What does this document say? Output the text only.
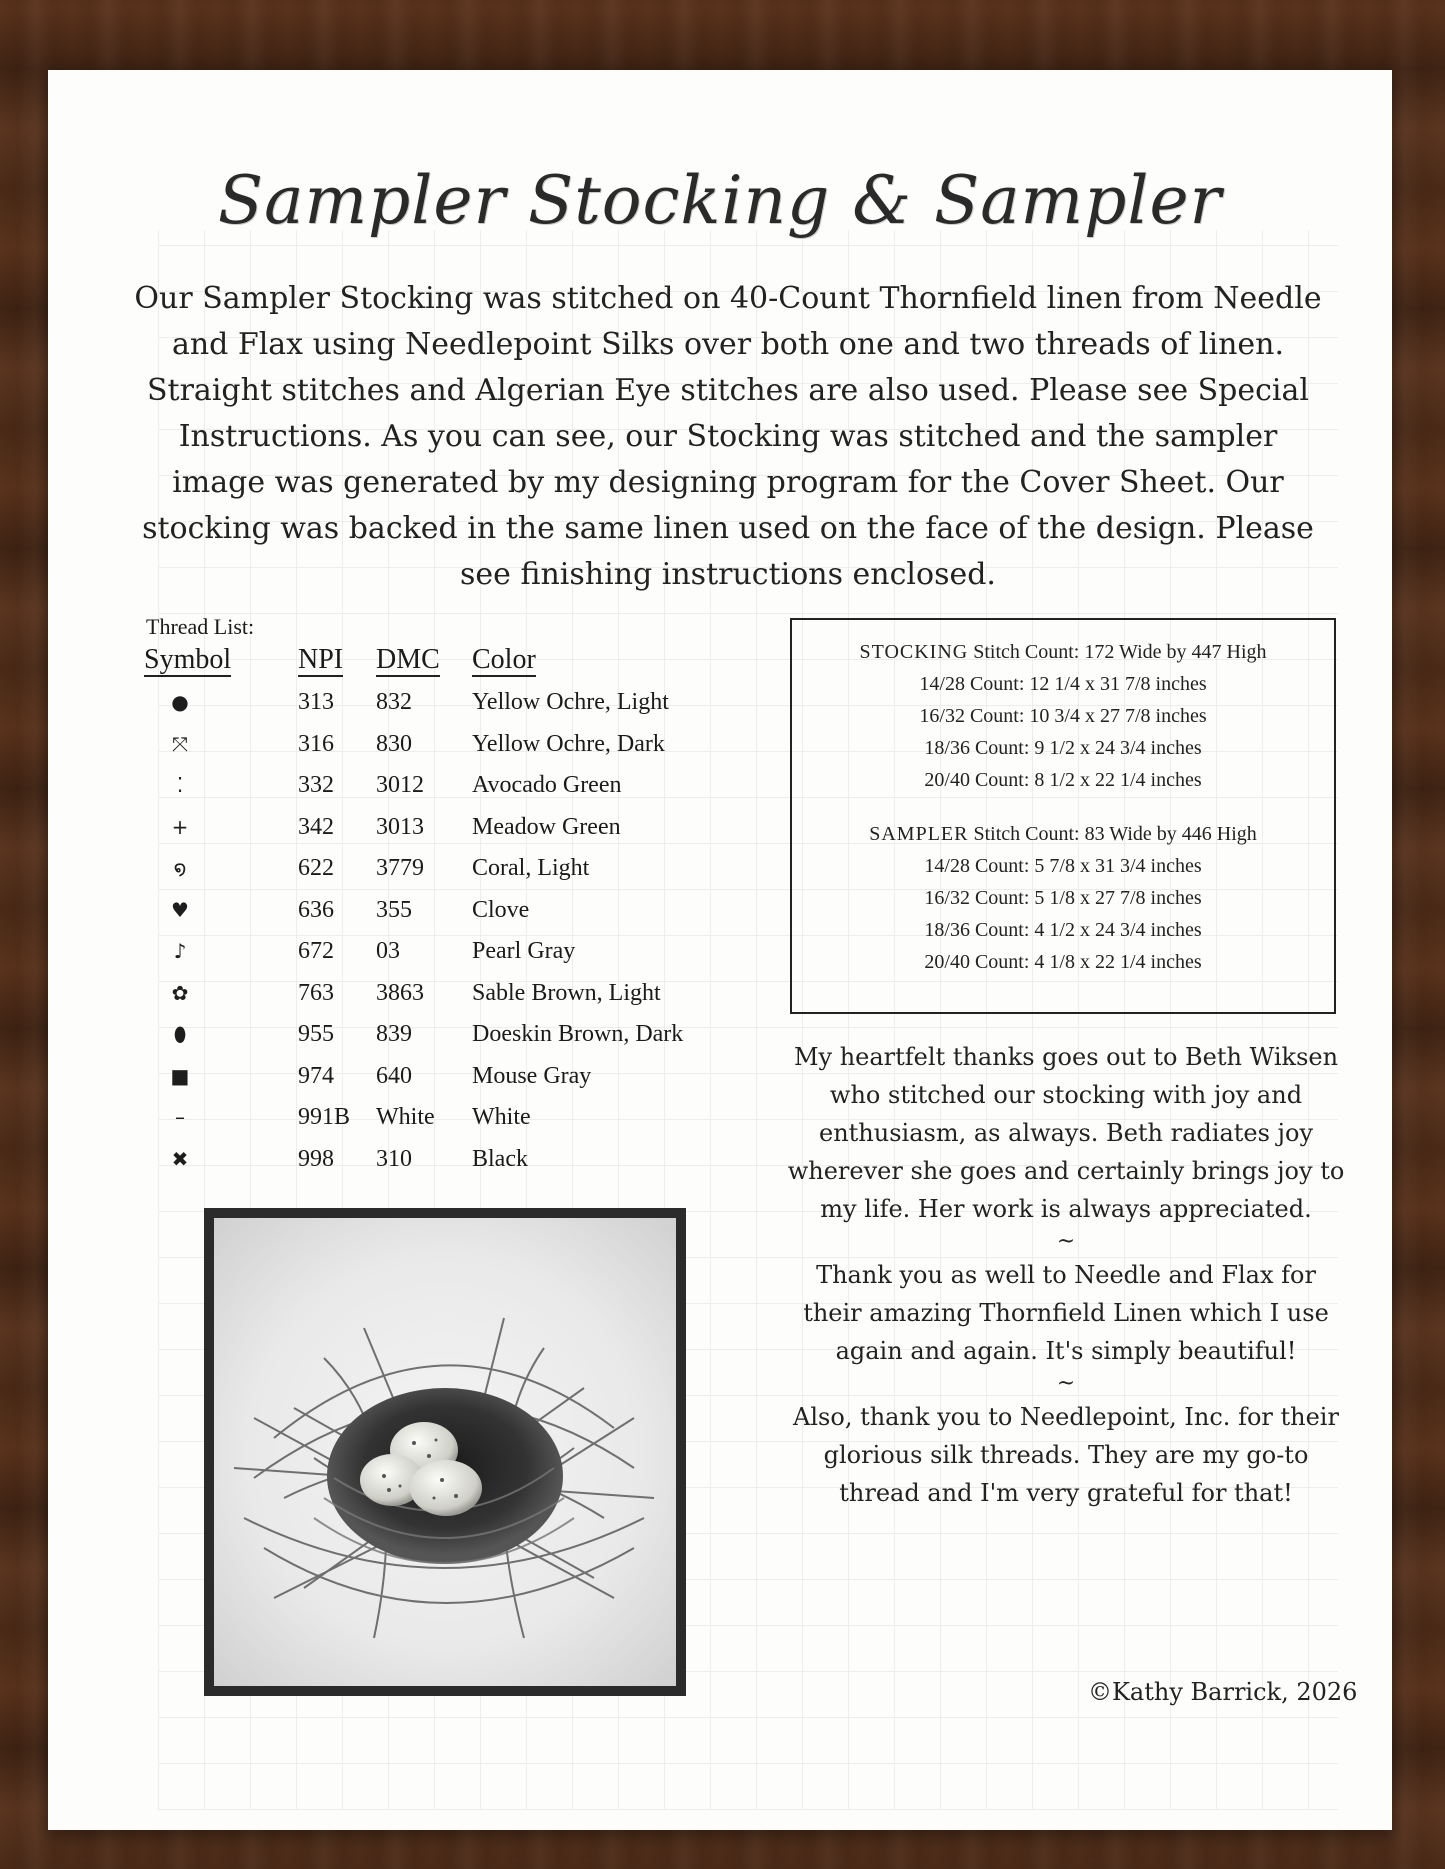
Sampler Stocking & Sampler
Our Sampler Stocking was stitched on 40-Count Thornfield linen from Needle and Flax using Needlepoint Silks over both one and two threads of linen. Straight stitches and Algerian Eye stitches are also used. Please see Special Instructions. As you can see, our Stocking was stitched and the sampler image was generated by my designing program for the Cover Sheet. Our stocking was backed in the same linen used on the face of the design. Please see finishing instructions enclosed.
Thread List:
Symbol	NPI	DMC	Color
●	313	832	Yellow Ochre, Light
⤧	316	830	Yellow Ochre, Dark
⁚	332	3012	Avocado Green
+	342	3013	Meadow Green
໑	622	3779	Coral, Light
♥	636	355	Clove
♪	672	03	Pearl Gray
✿	763	3863	Sable Brown, Light
⬮	955	839	Doeskin Brown, Dark
■	974	640	Mouse Gray
–	991B	White	White
✖	998	310	Black
STOCKING Stitch Count: 172 Wide by 447 High
14/28 Count: 12 1/4 x 31 7/8 inches
16/32 Count: 10 3/4 x 27 7/8 inches
18/36 Count: 9 1/2 x 24 3/4 inches
20/40 Count: 8 1/2 x 22 1/4 inches
SAMPLER Stitch Count: 83 Wide by 446 High
14/28 Count: 5 7/8 x 31 3/4 inches
16/32 Count: 5 1/8 x 27 7/8 inches
18/36 Count: 4 1/2 x 24 3/4 inches
20/40 Count: 4 1/8 x 22 1/4 inches

My heartfelt thanks goes out to Beth Wiksen who stitched our stocking with joy and enthusiasm, as always. Beth radiates joy wherever she goes and certainly brings joy to my life. Her work is always appreciated.

~

Thank you as well to Needle and Flax for their amazing Thornfield Linen which I use again and again. It's simply beautiful!

~

Also, thank you to Needlepoint, Inc. for their glorious silk threads. They are my go-to thread and I'm very grateful for that!

©Kathy Barrick, 2026
